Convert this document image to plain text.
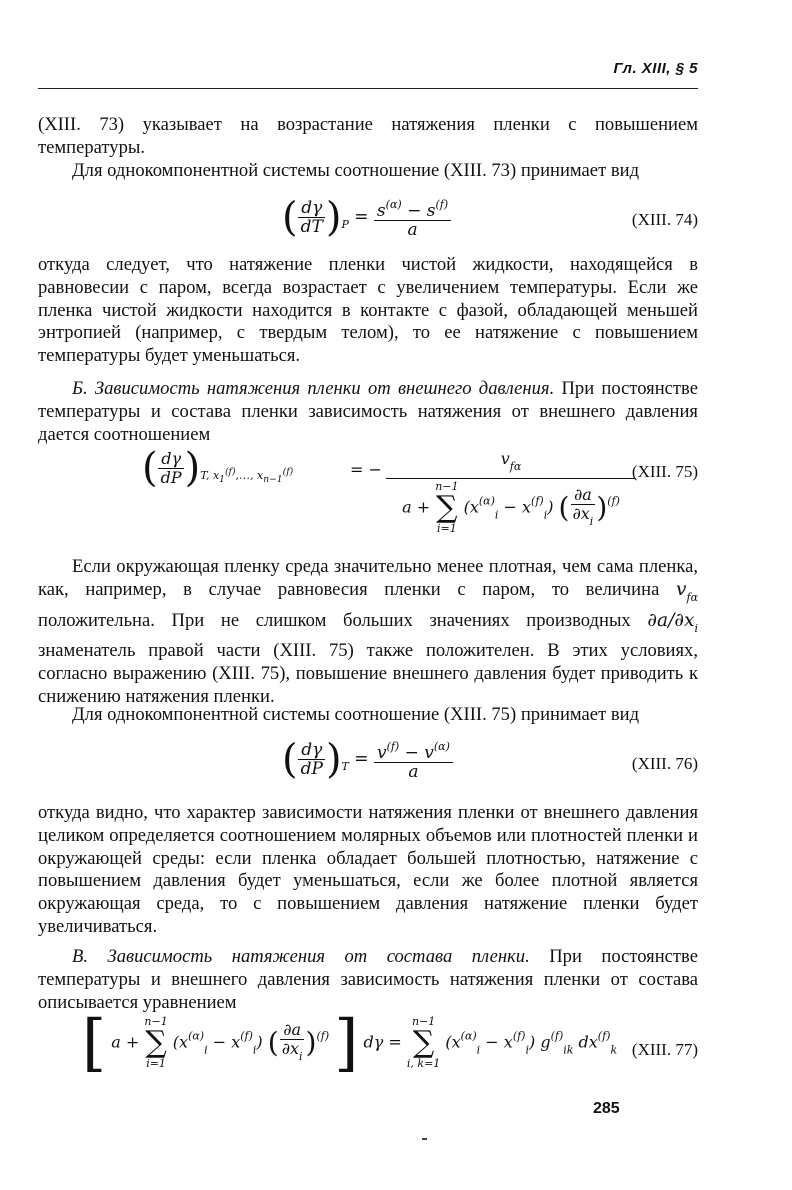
Гл. XIII, § 5

(XIII. 73) указывает на возрастание натяжения пленки с повышением температуры.

Для однокомпонентной системы соотношение (XIII. 73) принимает вид

( $\frac{d\gamma}{dT} )_P = \frac{s^{(\alpha)} - s^{(f)}}{a}$	(XIII. 74)

откуда следует, что натяжение пленки чистой жидкости, находящейся в равновесии с паром, всегда возрастает с увеличением температуры. Если же пленка чистой жидкости находится в контакте с фазой, обладающей меньшей энтропией (например, с твердым телом), то ее натяжение с повышением температуры будет уменьшаться.

Б. Зависимость натяжения пленки от внешнего давления. При постоянстве температуры и состава пленки зависимость натяжения от внешнего давления дается соотношением

( $\frac{d\gamma}{dP} )_{T, x_1^{(f)},\dots, x_{n-1}^{(f)}}$	= −
$v_{f\alpha}$
a +
n−1
∑
i=1
$(x^{(\alpha)}_i - x^{(f)}_i)$ ( $\frac{\partial a}{\partial x_i} )^{(f)}$
(XIII. 75)

Если окружающая пленку среда значительно менее плотная, чем сама пленка, как, например, в случае равновесия пленки с паром, то величина $v_{f\alpha}$ положительна. При не слишком больших значениях производных $\partial a/\partial x_i$ знаменатель правой части (XIII. 75) также положителен. В этих условиях, согласно выражению (XIII. 75), повышение внешнего давления будет приводить к снижению натяжения пленки.

Для однокомпонентной системы соотношение (XIII. 75) принимает вид

( $\frac{d\gamma}{dP} )_T = \frac{v^{(f)} - v^{(\alpha)}}{a}$	(XIII. 76)

откуда видно, что характер зависимости натяжения пленки от внешнего давления целиком определяется соотношением молярных объемов или плотностей пленки и окружающей среды: если пленка обладает большей плотностью, натяжение с повышением давления будет уменьшаться, если же более плотной является окружающая среда, то с повышением давления натяжение пленки будет увеличиваться.

В. Зависимость натяжения от состава пленки. При постоянстве температуры и внешнего давления зависимость натяжения пленки от состава описывается уравнением

[ a +
n−1
∑
i=1
$(x^{(\alpha)}_i - x^{(f)}_i)$ ( $\frac{\partial a}{\partial x_i} )^{(f)}$ ] dγ =
n−1
∑
i, k=1
$(x^{(\alpha)}_i - x^{(f)}_i)$ $g^{(f)}_{ik}$ $dx^{(f)}_k$ (XIII. 77)
285
